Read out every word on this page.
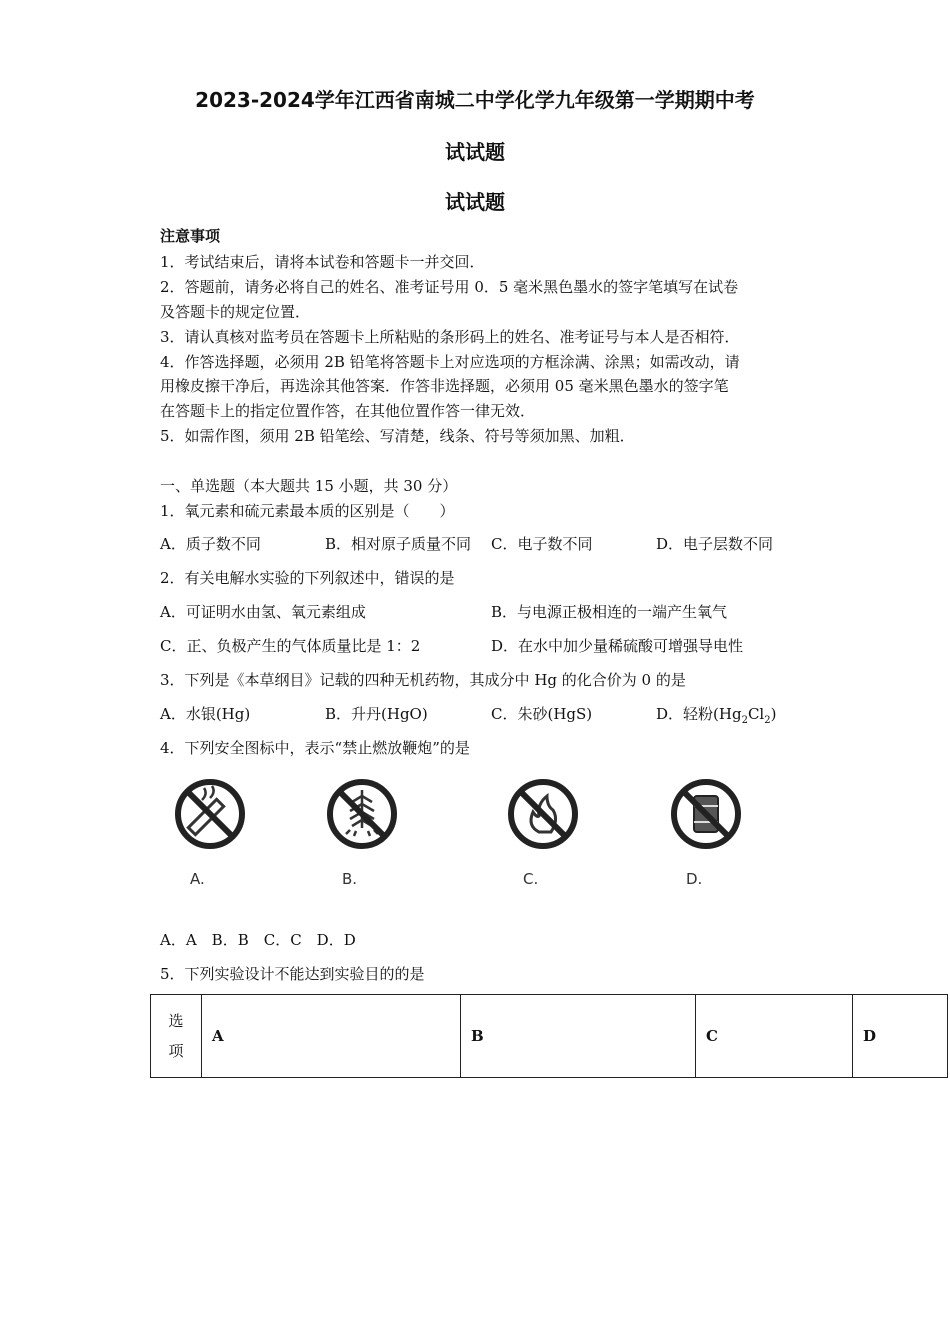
2023-2024学年江西省南城二中学化学九年级第一学期期中考
试试题
试试题
注意事项
1．考试结束后，请将本试卷和答题卡一并交回．
2．答题前，请务必将自己的姓名、准考证号用 0．5 毫米黑色墨水的签字笔填写在试卷
及答题卡的规定位置．
3．请认真核对监考员在答题卡上所粘贴的条形码上的姓名、准考证号与本人是否相符．
4．作答选择题，必须用 2B 铅笔将答题卡上对应选项的方框涂满、涂黑；如需改动，请
用橡皮擦干净后，再选涂其他答案．作答非选择题，必须用 05 毫米黑色墨水的签字笔
在答题卡上的指定位置作答，在其他位置作答一律无效．
5．如需作图，须用 2B 铅笔绘、写清楚，线条、符号等须加黑、加粗．
一、单选题（本大题共 15 小题，共 30 分）
1．氧元素和硫元素最本质的区别是（　　）
A．质子数不同	B．相对原子质量不同 C．电子数不同	D．电子层数不同
2．有关电解水实验的下列叙述中，错误的是
A．可证明水由氢、氧元素组成	B．与电源正极相连的一端产生氧气
C．正、负极产生的气体质量比是 1：2	D．在水中加少量稀硫酸可增强导电性
3．下列是《本草纲目》记载的四种无机药物，其成分中 Hg 的化合价为 0 的是
A．水银(Hg)	B．升丹(HgO)	C．朱砂(HgS)	D．轻粉$(Hg_2Cl_2)$
4．下列安全图标中，表示“禁止燃放鞭炮”的是
A.	B.	C.	D.
A．A　B．B　C．C　D．D
5．下列实验设计不能达到实验目的的是
选
项
	A	B	C	D
